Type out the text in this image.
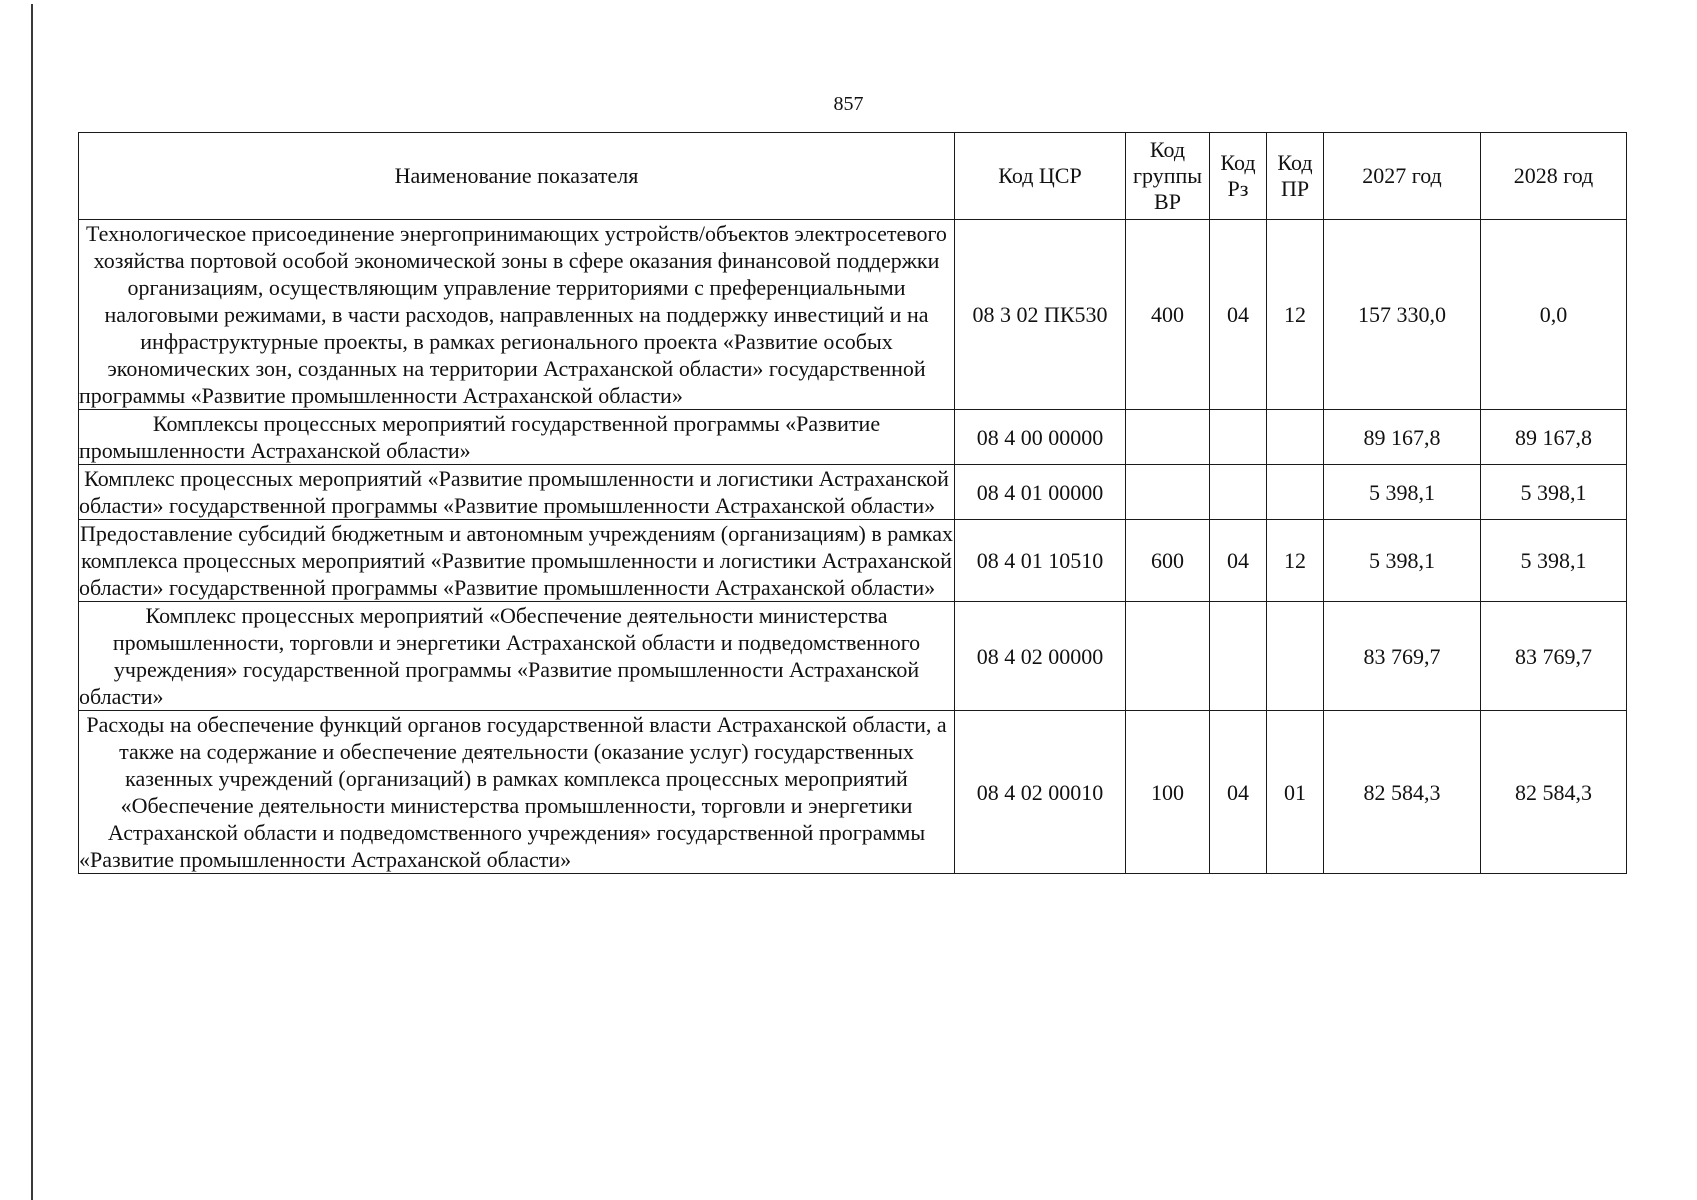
857
Наименование показателя	Код ЦСР	Код группы ВР	Код Рз	Код ПР	2027 год	2028 год
Технологическое присоединение энергопринимающих устройств/объектов электросетевого хозяйства портовой особой экономической зоны в сфере оказания финансовой поддержки организациям, осуществляющим управление территориями с преференциальными налоговыми режимами, в части расходов, направленных на поддержку инвестиций и на инфраструктурные проекты, в рамках регионального проекта «Развитие особых экономических зон, созданных на территории Астраханской области» государственной программы «Развитие промышленности Астраханской области»	08 3 02 ПК530	400	04	12	157 330,0	0,0
Комплексы процессных мероприятий государственной программы «Развитие промышленности Астраханской области»	08 4 00 00000				89 167,8	89 167,8
Комплекс процессных мероприятий «Развитие промышленности и логистики Астраханской области» государственной программы «Развитие промышленности Астраханской области»	08 4 01 00000				5 398,1	5 398,1
Предоставление субсидий бюджетным и автономным учреждениям (организациям) в рамках комплекса процессных мероприятий «Развитие промышленности и логистики Астраханской области» государственной программы «Развитие промышленности Астраханской области»	08 4 01 10510	600	04	12	5 398,1	5 398,1
Комплекс процессных мероприятий «Обеспечение деятельности министерства промышленности, торговли и энергетики Астраханской области и подведомственного учреждения» государственной программы «Развитие промышленности Астраханской области»	08 4 02 00000				83 769,7	83 769,7
Расходы на обеспечение функций органов государственной власти Астраханской области, а также на содержание и обеспечение деятельности (оказание услуг) государственных казенных учреждений (организаций) в рамках комплекса процессных мероприятий «Обеспечение деятельности министерства промышленности, торговли и энергетики Астраханской области и подведомственного учреждения» государственной программы «Развитие промышленности Астраханской области»	08 4 02 00010	100	04	01	82 584,3	82 584,3
